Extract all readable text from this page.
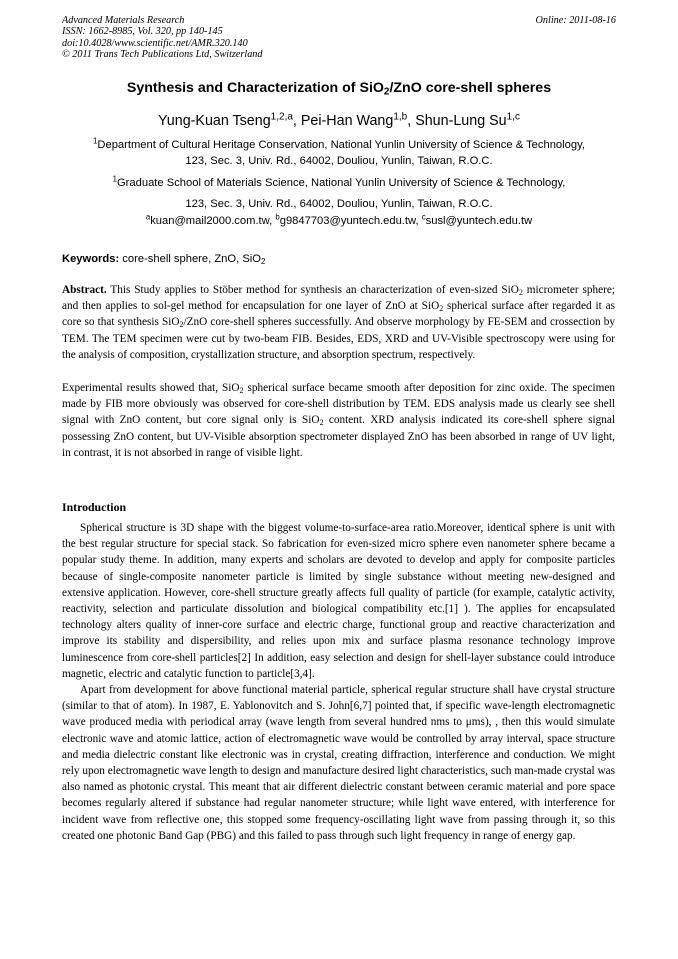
Advanced Materials Research
ISSN: 1662-8985, Vol. 320, pp 140-145
doi:10.4028/www.scientific.net/AMR.320.140
© 2011 Trans Tech Publications Ltd, Switzerland
Online: 2011-08-16
Synthesis and Characterization of SiO$_2$/ZnO core-shell spheres
Yung-Kuan Tseng$^{1,2,a}$, Pei-Han Wang$^{1,b}$, Shun-Lung Su$^{1,c}$
$^1$Department of Cultural Heritage Conservation, National Yunlin University of Science & Technology,
123, Sec. 3, Univ. Rd., 64002, Douliou, Yunlin, Taiwan, R.O.C.
$^1$Graduate School of Materials Science, National Yunlin University of Science & Technology,
123, Sec. 3, Univ. Rd., 64002, Douliou, Yunlin, Taiwan, R.O.C.
$^a$kuan@mail2000.com.tw, $^b$g9847703@yuntech.edu.tw, $^c$susl@yuntech.edu.tw
Keywords: core-shell sphere, ZnO, SiO$_2$

Abstract. This Study applies to Stöber method for synthesis an characterization of even-sized SiO$_2$ micrometer sphere; and then applies to sol-gel method for encapsulation for one layer of ZnO at SiO$_2$ spherical surface after regarded it as core so that synthesis SiO$_2$/ZnO core-shell spheres successfully. And observe morphology by FE-SEM and crossection by TEM. The TEM specimen were cut by two-beam FIB. Besides, EDS, XRD and UV-Visible spectroscopy were using for the analysis of composition, crystallization structure, and absorption spectrum, respectively.

Experimental results showed that, SiO$_2$ spherical surface became smooth after deposition for zinc oxide. The specimen made by FIB more obviously was observed for core-shell distribution by TEM. EDS analysis made us clearly see shell signal with ZnO content, but core signal only is SiO$_2$ content. XRD analysis indicated its core-shell sphere signal possessing ZnO content, but UV-Visible absorption spectrometer displayed ZnO has been absorbed in range of UV light, in contrast, it is not absorbed in range of visible light.

Introduction

Spherical structure is 3D shape with the biggest volume-to-surface-area ratio.Moreover, identical sphere is unit with the best regular structure for special stack. So fabrication for even-sized micro sphere even nanometer sphere became a popular study theme. In addition, many experts and scholars are devoted to develop and apply for composite particles because of single-composite nanometer particle is limited by single substance without meeting new-designed and extensive application. However, core-shell structure greatly affects full quality of particle (for example, catalytic activity, reactivity, selection and particulate dissolution and biological compatibility etc.[1] ). The applies for encapsulated technology alters quality of inner-core surface and electric charge, functional group and reactive characterization and improve its stability and dispersibility, and relies upon mix and surface plasma resonance technology improve luminescence from core-shell particles[2] In addition, easy selection and design for shell-layer substance could introduce magnetic, electric and catalytic function to particle[3,4].

Apart from development for above functional material particle, spherical regular structure shall have crystal structure (similar to that of atom). In 1987, E. Yablonovitch and S. John[6,7] pointed that, if specific wave-length electromagnetic wave produced media with periodical array (wave length from several hundred nms to μms), , then this would simulate electronic wave and atomic lattice, action of electromagnetic wave would be controlled by array interval, space structure and media dielectric constant like electronic was in crystal, creating diffraction, interference and conduction. We might rely upon electromagnetic wave length to design and manufacture desired light characteristics, such man-made crystal was also named as photonic crystal. This meant that air different dielectric constant between ceramic material and pore space becomes regularly altered if substance had regular nanometer structure; while light wave entered, with interference for incident wave from reflective one, this stopped some frequency-oscillating light wave from passing through it, so this created one photonic Band Gap (PBG) and this failed to pass through such light frequency in range of energy gap.
